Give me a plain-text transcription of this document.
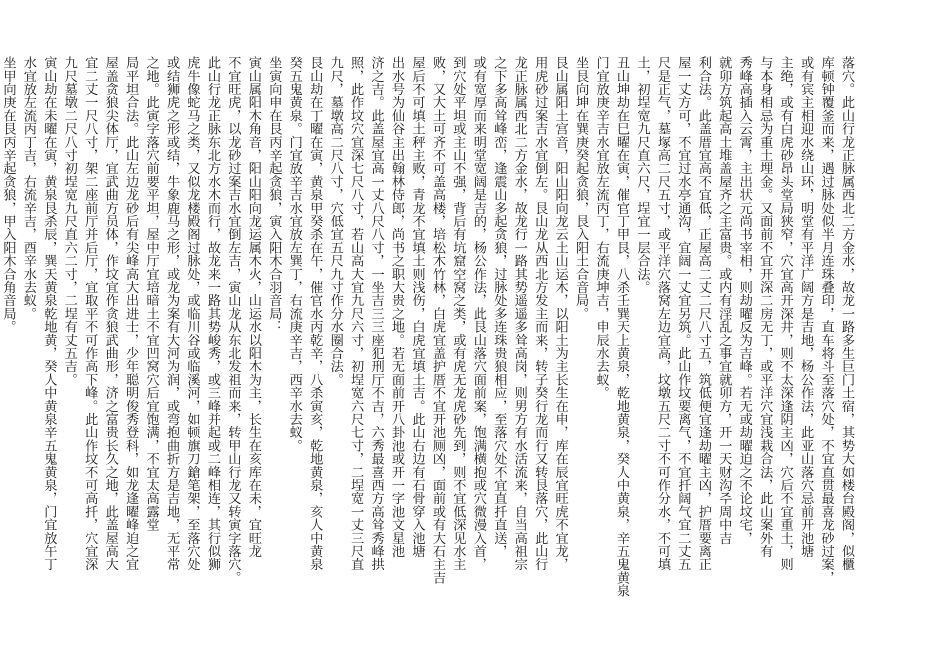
落穴。此山行龙正脉属西北二方金水，故龙一路多生巨门土宿，其势大如楼台殿阁，似櫃
库顿钟覆釜而来，遇过脉处似半月连珠叠印，直车将斗至落穴处，不宜直贯最喜龙砂过案，
或有宾主相迎水绕山环，明堂有平洋广阔方是吉地，杨公作法，此亚山落穴忌前开池塘
主绝，或有白虎砂昂头堂局狭窄，穴宜高开深井，则不太深逢阴主凶，穴后不宜重土，则
与本身相忌为重土埋金。又面前不宜开深二房无丁，或平洋穴宜浅栽合法，此山案外有
秀峰高插入云霄，主出状元尚书宰相，则劫曜反为吉峰。若无或劫曜迫之不论坟宅，
就卯方筑起高土堆盖屋齐之主富贵。或内有淫乱之事宜就卯方，开一天财沟주周中吉
利合法。此盖厝宜高不宜低，正屋高二丈二尺八寸五，筑低便宜逢劫曜主凶，护厝要离正
屋一丈方可，不宜过水亭通沟，宜阔一丈宜另筑。此山作坟要离气，不宜扦阔气宜二丈五
尺是正气，墓塚高二尺五寸，或平洋穴落窝左边宜高，坟墩五尺二寸不可作分水，不可填
土，初埕宽九尺直六尺，埕宜一层合法。
丑山坤劫在巳曜在寅，催官丁甲艮，八杀壬巽天上黄泉，乾地黄泉，癸人中黄泉，辛五鬼黄泉
门宜放庚辛吉水宜放左流丙丁，右流庚坤吉，申辰水去蚁。
坐艮向坤在巽庚癸起贪狼，艮入阳土合音局。
艮山属阳土宫音，阳山阳向龙云土山运木，以阳土为主长生在申，库在辰宜旺虎不宜龙，
用虎砂过案吉水宜倒左。艮山龙从西北方发主而来，转子癸行龙而行又转艮落穴，此山行
龙正脉属西北二方金水，故龙行一路其势遥遥多耸高岗，则男方有水活流来，自当高祖宗
之下多高耸峰峦，逢震山多起贪狼，过脉处多连珠贵狼相应，至落穴处不宜直扦直送，
或有宽厚而来明堂宽阔是吉的，杨公作法，此艮山落穴面前案，饱满横抱或穴微漫入首，
到穴处平坦或主山不强，背后有坑窟空窝之类，或有虎无龙虎砂先到，则不宜低深见水主
败，又大土可齐不可盖高楼，培松木竹林，白虎宜盖护厝不宜开池厕凶，面前或有大石主吉
屋后不可填土秤主败，青龙不宜填土则浅伤，白虎宜填土吉。此山右边有石骨穿入池塘
出水号为仙谷主出翰林侍郎，尚书之职大贵之地。若无面前开八卦池或开一字池文星池
济之吉。此盖屋宜高一丈八尺八寸，一坐吉三三座犯刑厅不吉，六秀最喜西方高耸秀峰拱
照，此作坟穴宜深七尺八寸，若山高大宜九尺六寸，初埕宽六尺七寸，二埕宽一丈三尺直
九尺，墓墩高二尺八寸，穴低宜五尺九寸作分水圈合法。
艮山劫在丁曜在寅，黄泉甲癸杀在午，催官水丙乾辛，八杀寅亥，乾地黄泉，亥人中黄泉
癸五鬼黄泉。门宜放辛吉水宜放左巽丁，右流庚辛吉，西辛水去蚁。
坐寅向申在艮丙辛起贪狼，寅入阳木合羽音局：
寅山属阳木角音，阳山阳向龙运属木火，山运水以阳木为主，长生在亥库在未，宜旺龙
不宜旺虎，以龙砂过案吉水宜倒左吉，寅山龙从东北发祖而来，转甲山行龙又转寅字落穴。
此山行龙正脉东北方水木而行，故龙来一路其势峻秀，或三峰并起或二峰相连，其行似狮
虎牛像蛇马之类，又似龙楼殿阁过脉处，或临川谷或临溪河，如顿旗刀鎗笔架，至落穴处
或结狮虎之形或结，牛象鹿马之形，或龙为案有大河为润，或弯抱曲折方是吉地，无平常
之地。此寅字落穴前要平坦，屋中厅宜培暗土不宜凹窝穴后宜饱满，不宜太高露堂
局平坦合法。此山左边龙砂后有尖峰高大出进士，少年聪明俊秀登科，如龙逢曜峰迫之宜
屋盖贪狼尖体厅，宜武曲方员体，作坟宜作贪狼武曲形，济之富贵长久之地，此盖屋高大
宜二丈一尺八寸，架二座前厅并后厅，宜取平不可作高下峰。此山作坟不可高扦，穴宜深
九尺墓墩二尺八寸初埕宽九尺直六二寸，二埕有丈五吉。
寅山劫在未曜在寅，黄泉艮杀辰，巽天黄泉乾地黄，癸人中黄泉辛五鬼黄泉，门宜放午丁
水宜放左流丙丁吉，右流辛吉，酉辛水去蚁。
坐甲向庚在艮丙辛起贪狼，甲入阳木合角音局。
